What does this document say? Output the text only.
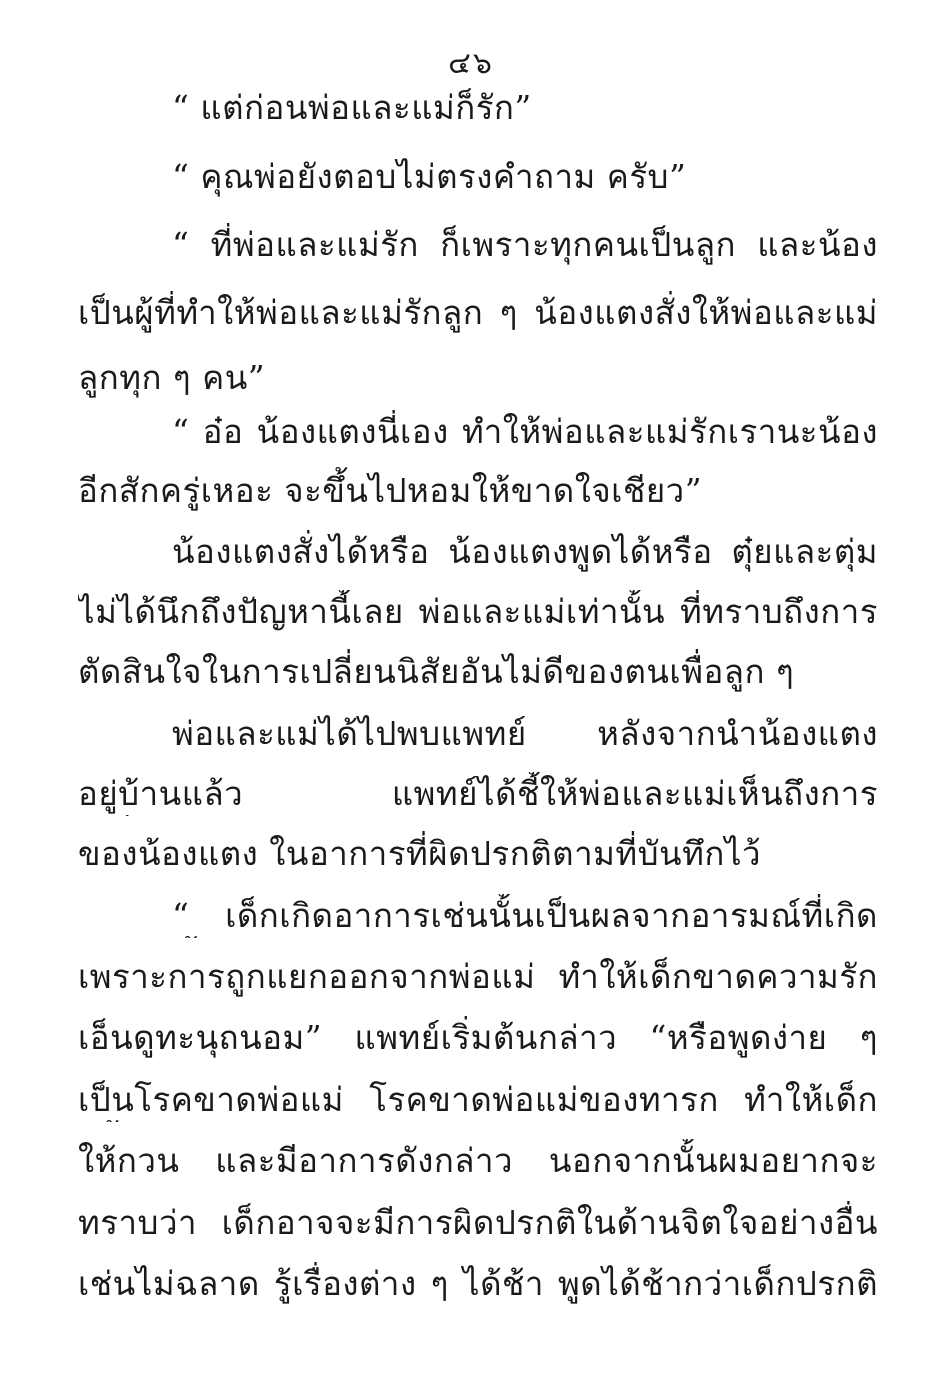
๔๖
“ แต่ก่อนพ่อและแม่ก็รัก”
“ คุณพ่อยังตอบไม่ตรงคำถาม ครับ”
“ ที่พ่อและแม่รัก ก็เพราะทุกคนเป็นลูก และน้อง
เป็นผู้ที่ทำให้พ่อและแม่รักลูก ๆ น้องแตงสั่งให้พ่อและแม่
ลูกทุก ๆ คน”
“ อ๋อ น้องแตงนี่เอง ทำให้พ่อและแม่รักเรานะน้อง
อีกสักครู่เหอะ จะขึ้นไปหอมให้ขาดใจเชียว”
น้องแตงสั่งได้หรือ น้องแตงพูดได้หรือ ตุ๋ยและตุ่ม
ไม่ได้นึกถึงปัญหานี้เลย พ่อและแม่เท่านั้น ที่ทราบถึงการ
ตัดสินใจในการเปลี่ยนนิสัยอันไม่ดีของตนเพื่อลูก ๆ
พ่อและแม่ได้ไปพบแพทย์ หลังจากนำน้องแตง
อยู่บ้านแล้ว แพทย์ได้ชี้ให้พ่อและแม่เห็นถึงการ
ของน้องแตง ในอาการที่ผิดปรกติตามที่บันทึกไว้
“ เด็กเกิดอาการเช่นนั้นเป็นผลจากอารมณ์ที่เกิด
เพราะการถูกแยกออกจากพ่อแม่ ทำให้เด็กขาดความรัก
เอ็นดูทะนุถนอม” แพทย์เริ่มต้นกล่าว “หรือพูดง่าย ๆ
เป็นโรคขาดพ่อแม่ โรคขาดพ่อแม่ของทารก ทำให้เด็ก
ให้กวน และมีอาการดังกล่าว นอกจากนั้นผมอยากจะ
ทราบว่า เด็กอาจจะมีการผิดปรกติในด้านจิตใจอย่างอื่น
เช่นไม่ฉลาด รู้เรื่องต่าง ๆ ได้ช้า พูดได้ช้ากว่าเด็กปรกติ
